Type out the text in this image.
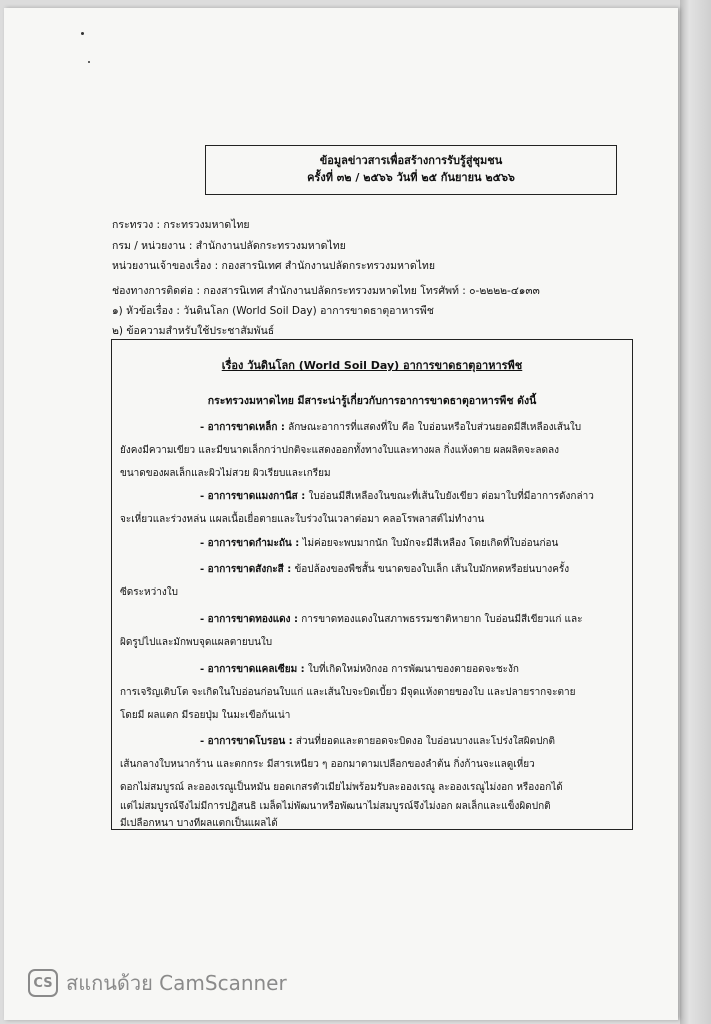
ข้อมูลข่าวสารเพื่อสร้างการรับรู้สู่ชุมชน
ครั้งที่ ๓๒ / ๒๕๖๖ วันที่ ๒๕ กันยายน ๒๕๖๖
กระทรวง : กระทรวงมหาดไทย
กรม / หน่วยงาน : สำนักงานปลัดกระทรวงมหาดไทย
หน่วยงานเจ้าของเรื่อง : กองสารนิเทศ สำนักงานปลัดกระทรวงมหาดไทย
ช่องทางการติดต่อ : กองสารนิเทศ สำนักงานปลัดกระทรวงมหาดไทย โทรศัพท์ : ๐-๒๒๒๒-๔๑๓๓
๑) หัวข้อเรื่อง : วันดินโลก (World Soil Day) อาการขาดธาตุอาหารพืช
๒) ข้อความสำหรับใช้ประชาสัมพันธ์
เรื่อง วันดินโลก (World Soil Day) อาการขาดธาตุอาหารพืช
กระทรวงมหาดไทย มีสาระน่ารู้เกี่ยวกับการอาการขาดธาตุอาหารพืช ดังนี้
- อาการขาดเหล็ก : ลักษณะอาการที่แสดงที่ใบ คือ ใบอ่อนหรือใบส่วนยอดมีสีเหลืองเส้นใบ
ยังคงมีความเขียว และมีขนาดเล็กกว่าปกติจะแสดงออกทั้งทางใบและทางผล กิ่งแห้งตาย ผลผลิตจะลดลง
ขนาดของผลเล็กและผิวไม่สวย ผิวเรียบและเกรียม
- อาการขาดแมงกานีส : ใบอ่อนมีสีเหลืองในขณะที่เส้นใบยังเขียว ต่อมาใบที่มีอาการดังกล่าว
จะเหี่ยวและร่วงหล่น แผลเนื้อเยื่อตายและใบร่วงในเวลาต่อมา คลอโรพลาสต์ไม่ทำงาน
- อาการขาดกำมะถัน : ไม่ค่อยจะพบมากนัก ใบมักจะมีสีเหลือง โดยเกิดที่ใบอ่อนก่อน
- อาการขาดสังกะสี : ข้อปล้องของพืชสั้น ขนาดของใบเล็ก เส้นใบมักหดหรือย่นบางครั้ง
ซีดระหว่างใบ
- อาการขาดทองแดง : การขาดทองแดงในสภาพธรรมชาติหายาก ใบอ่อนมีสีเขียวแก่ และ
ผิดรูปไปและมักพบจุดแผลตายบนใบ
- อาการขาดแคลเซียม : ใบที่เกิดใหม่หงิกงอ การพัฒนาของตายอดจะชะงัก
การเจริญเติบโต จะเกิดในใบอ่อนก่อนใบแก่ และเส้นใบจะบิดเบี้ยว มีจุดแห้งตายของใบ และปลายรากจะตาย
โดยมี ผลแตก มีรอยปุ่ม ในมะเขือก้นเน่า
- อาการขาดโบรอน : ส่วนที่ยอดและตายอดจะบิดงอ ใบอ่อนบางและโปร่งใสผิดปกติ
เส้นกลางใบหนากร้าน และตกกระ มีสารเหนียว ๆ ออกมาตามเปลือกของลำต้น กิ่งก้านจะแลดูเหี่ยว
ดอกไม่สมบูรณ์ ละอองเรณูเป็นหมัน ยอดเกสรตัวเมียไม่พร้อมรับละอองเรณู ละอองเรณูไม่งอก หรืองอกได้
แต่ไม่สมบูรณ์จึงไม่มีการปฏิสนธิ เมล็ดไม่พัฒนาหรือพัฒนาไม่สมบูรณ์จึงไม่งอก ผลเล็กและแข็งผิดปกติ
มีเปลือกหนา บางทีผลแตกเป็นแผลได้
CS สแกนด้วย CamScanner
